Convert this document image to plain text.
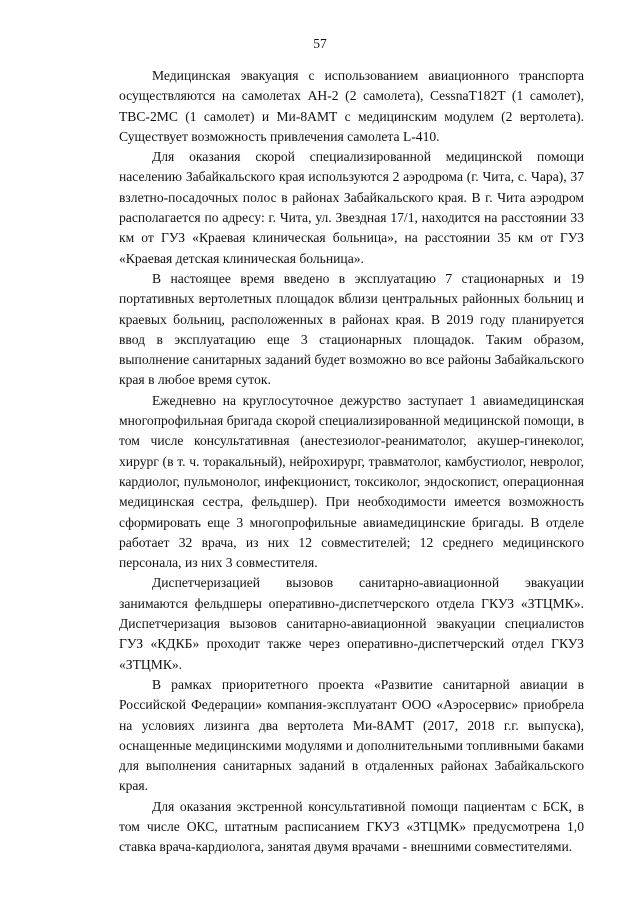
57

Медицинская эвакуация с использованием авиационного транспорта осуществляются на самолетах АН-2 (2 самолета), CessnaT182T (1 самолет), ТВС-2МС (1 самолет) и Ми-8АМТ с медицинским модулем (2 вертолета). Существует возможность привлечения самолета L-410.

Для оказания скорой специализированной медицинской помощи населению Забайкальского края используются 2 аэродрома (г. Чита, с. Чара), 37 взлетно-посадочных полос в районах Забайкальского края. В г. Чита аэродром располагается по адресу: г. Чита, ул. Звездная 17/1, находится на расстоянии 33 км от ГУЗ «Краевая клиническая больница», на расстоянии 35 км от ГУЗ «Краевая детская клиническая больница».

В настоящее время введено в эксплуатацию 7 стационарных и 19 портативных вертолетных площадок вблизи центральных районных больниц и краевых больниц, расположенных в районах края. В 2019 году планируется ввод в эксплуатацию еще 3 стационарных площадок. Таким образом, выполнение санитарных заданий будет возможно во все районы Забайкальского края в любое время суток.

Ежедневно на круглосуточное дежурство заступает 1 авиамедицинская многопрофильная бригада скорой специализированной медицинской помощи, в том числе консультативная (анестезиолог-реаниматолог, акушер-гинеколог, хирург (в т. ч. торакальный), нейрохирург, травматолог, камбустиолог, невролог, кардиолог, пульмонолог, инфекционист, токсиколог, эндоскопист, операционная медицинская сестра, фельдшер). При необходимости имеется возможность сформировать еще 3 многопрофильные авиамедицинские бригады. В отделе работает 32 врача, из них 12 совместителей; 12 среднего медицинского персонала, из них 3 совместителя.

Диспетчеризацией вызовов санитарно-авиационной эвакуации занимаются фельдшеры оперативно-диспетчерского отдела ГКУЗ «ЗТЦМК». Диспетчеризация вызовов санитарно-авиационной эвакуации специалистов ГУЗ «КДКБ» проходит также через оперативно-диспетчерский отдел ГКУЗ «ЗТЦМК».

В рамках приоритетного проекта «Развитие санитарной авиации в Российской Федерации» компания-эксплуатант ООО «Аэросервис» приобрела на условиях лизинга два вертолета Ми-8АМТ (2017, 2018 г.г. выпуска), оснащенные медицинскими модулями и дополнительными топливными баками для выполнения санитарных заданий в отдаленных районах Забайкальского края.

Для оказания экстренной консультативной помощи пациентам с БСК, в том числе ОКС, штатным расписанием ГКУЗ «ЗТЦМК» предусмотрена 1,0 ставка врача-кардиолога, занятая двумя врачами - внешними совместителями.
